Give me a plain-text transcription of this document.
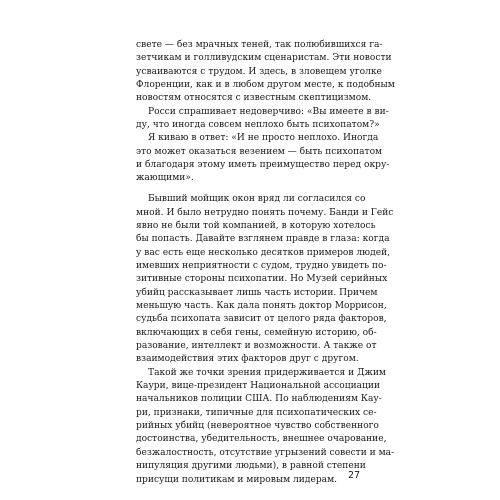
свете — без мрачных теней, так полюбившихся га-
зетчикам и голливудским сценаристам. Эти новости
усваиваются с трудом. И здесь, в зловещем уголке
Флоренции, как и в любом другом месте, к подобным
новостям относятся с известным скептицизмом.
Росси спрашивает недоверчиво: «Вы имеете в ви-
ду, что иногда совсем неплохо быть психопатом?»
Я киваю в ответ: «И не просто неплохо. Иногда
это может оказаться везением — быть психопатом
и благодаря этому иметь преимущество перед окру-
жающими».
Бывший мойщик окон вряд ли согласился со
мной. И было нетрудно понять почему. Банди и Гейс
явно не были той компанией, в которую хотелось
бы попасть. Давайте взглянем правде в глаза: когда
у вас есть еще несколько десятков примеров людей,
имевших неприятности с судом, трудно увидеть по-
зитивные стороны психопатии. Но Музей серийных
убийц рассказывает лишь часть истории. Причем
меньшую часть. Как дала понять доктор Моррисон,
судьба психопата зависит от целого ряда факторов,
включающих в себя гены, семейную историю, об-
разование, интеллект и возможности. А также от
взаимодействия этих факторов друг с другом.
Такой же точки зрения придерживается и Джим
Каури, вице-президент Национальной ассоциации
начальников полиции США. По наблюдениям Кау-
ри, признаки, типичные для психопатических се-
рийных убийц (невероятное чувство собственного
достоинства, убедительность, внешнее очарование,
безжалостность, отсутствие угрызений совести и ма-
нипуляция другими людьми), в равной степени
присущи политикам и мировым лидерам.	27
